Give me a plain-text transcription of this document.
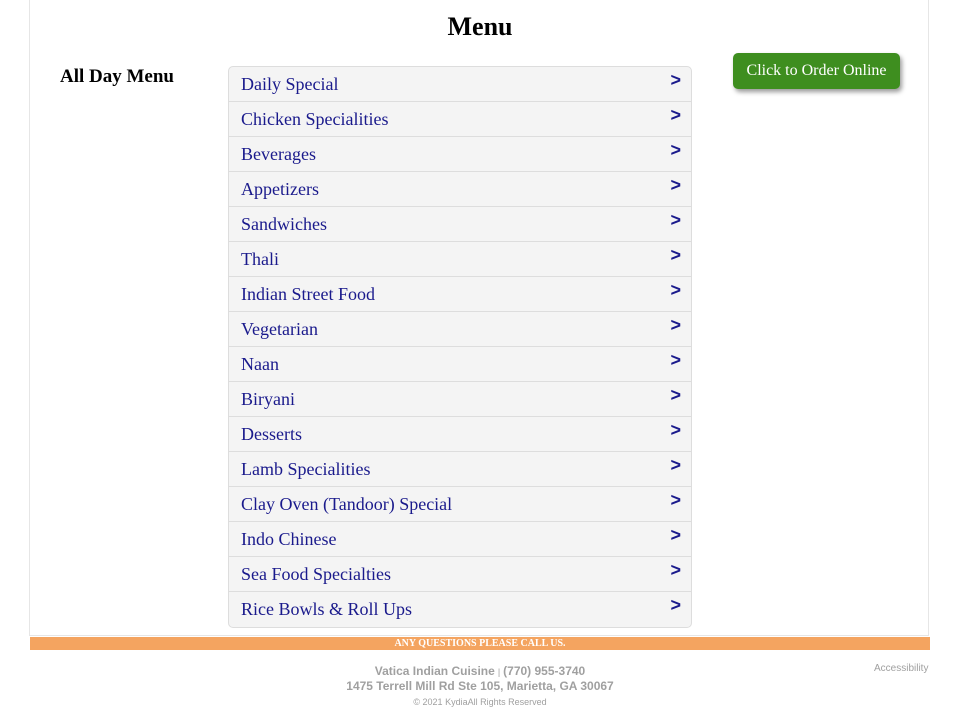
Menu
All Day Menu	Daily Special	>
Chicken Specialities	>
Beverages	>
Appetizers	>
Sandwiches	>
Thali	>
Indian Street Food	>
Vegetarian	>
Naan	>
Biryani	>
Desserts	>
Lamb Specialities	>
Clay Oven (Tandoor) Special	>
Indo Chinese	>
Sea Food Specialties	>
Rice Bowls & Roll Ups	>
Click to Order Online
ANY QUESTIONS PLEASE CALL US.
Vatica Indian Cuisine | (770) 955-3740
1475 Terrell Mill Rd Ste 105, Marietta, GA 30067
© 2021 KydiaAll Rights Reserved
Accessibility
